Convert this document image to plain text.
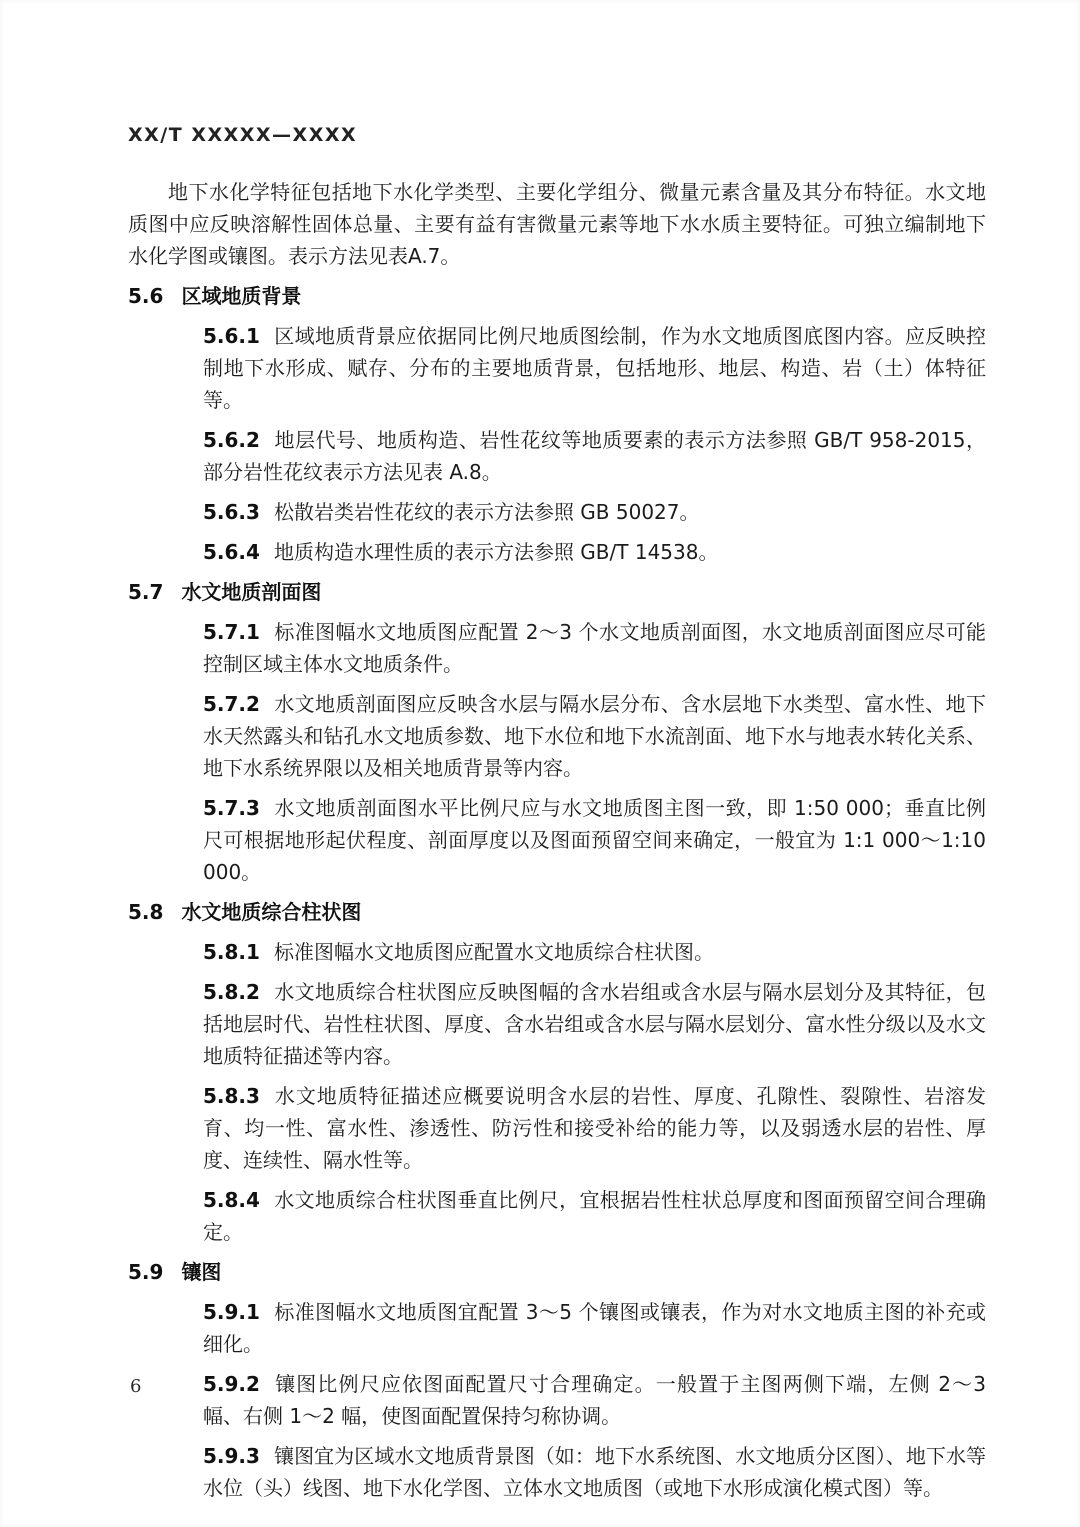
XX/T XXXXX—XXXX

地下水化学特征包括地下水化学类型、主要化学组分、微量元素含量及其分布特征。水文地质图中应反映溶解性固体总量、主要有益有害微量元素等地下水水质主要特征。可独立编制地下水化学图或镶图。表示方法见表A.7。

5.6 区域地质背景

5.6.1 区域地质背景应依据同比例尺地质图绘制，作为水文地质图底图内容。应反映控制地下水形成、赋存、分布的主要地质背景，包括地形、地层、构造、岩（土）体特征等。

5.6.2 地层代号、地质构造、岩性花纹等地质要素的表示方法参照 GB/T 958-2015，部分岩性花纹表示方法见表 A.8。

5.6.3 松散岩类岩性花纹的表示方法参照 GB 50027。

5.6.4 地质构造水理性质的表示方法参照 GB/T 14538。

5.7 水文地质剖面图

5.7.1 标准图幅水文地质图应配置 2～3 个水文地质剖面图，水文地质剖面图应尽可能控制区域主体水文地质条件。

5.7.2 水文地质剖面图应反映含水层与隔水层分布、含水层地下水类型、富水性、地下水天然露头和钻孔水文地质参数、地下水位和地下水流剖面、地下水与地表水转化关系、地下水系统界限以及相关地质背景等内容。

5.7.3 水文地质剖面图水平比例尺应与水文地质图主图一致，即 1:50 000；垂直比例尺可根据地形起伏程度、剖面厚度以及图面预留空间来确定，一般宜为 1:1 000～1:10 000。

5.8 水文地质综合柱状图

5.8.1 标准图幅水文地质图应配置水文地质综合柱状图。

5.8.2 水文地质综合柱状图应反映图幅的含水岩组或含水层与隔水层划分及其特征，包括地层时代、岩性柱状图、厚度、含水岩组或含水层与隔水层划分、富水性分级以及水文地质特征描述等内容。

5.8.3 水文地质特征描述应概要说明含水层的岩性、厚度、孔隙性、裂隙性、岩溶发育、均一性、富水性、渗透性、防污性和接受补给的能力等，以及弱透水层的岩性、厚度、连续性、隔水性等。

5.8.4 水文地质综合柱状图垂直比例尺，宜根据岩性柱状总厚度和图面预留空间合理确定。

5.9 镶图

5.9.1 标准图幅水文地质图宜配置 3～5 个镶图或镶表，作为对水文地质主图的补充或细化。

5.9.2 镶图比例尺应依图面配置尺寸合理确定。一般置于主图两侧下端，左侧 2～3 幅、右侧 1～2 幅，使图面配置保持匀称协调。

5.9.3 镶图宜为区域水文地质背景图（如：地下水系统图、水文地质分区图）、地下水等水位（头）线图、地下水化学图、立体水文地质图（或地下水形成演化模式图）等。

6
